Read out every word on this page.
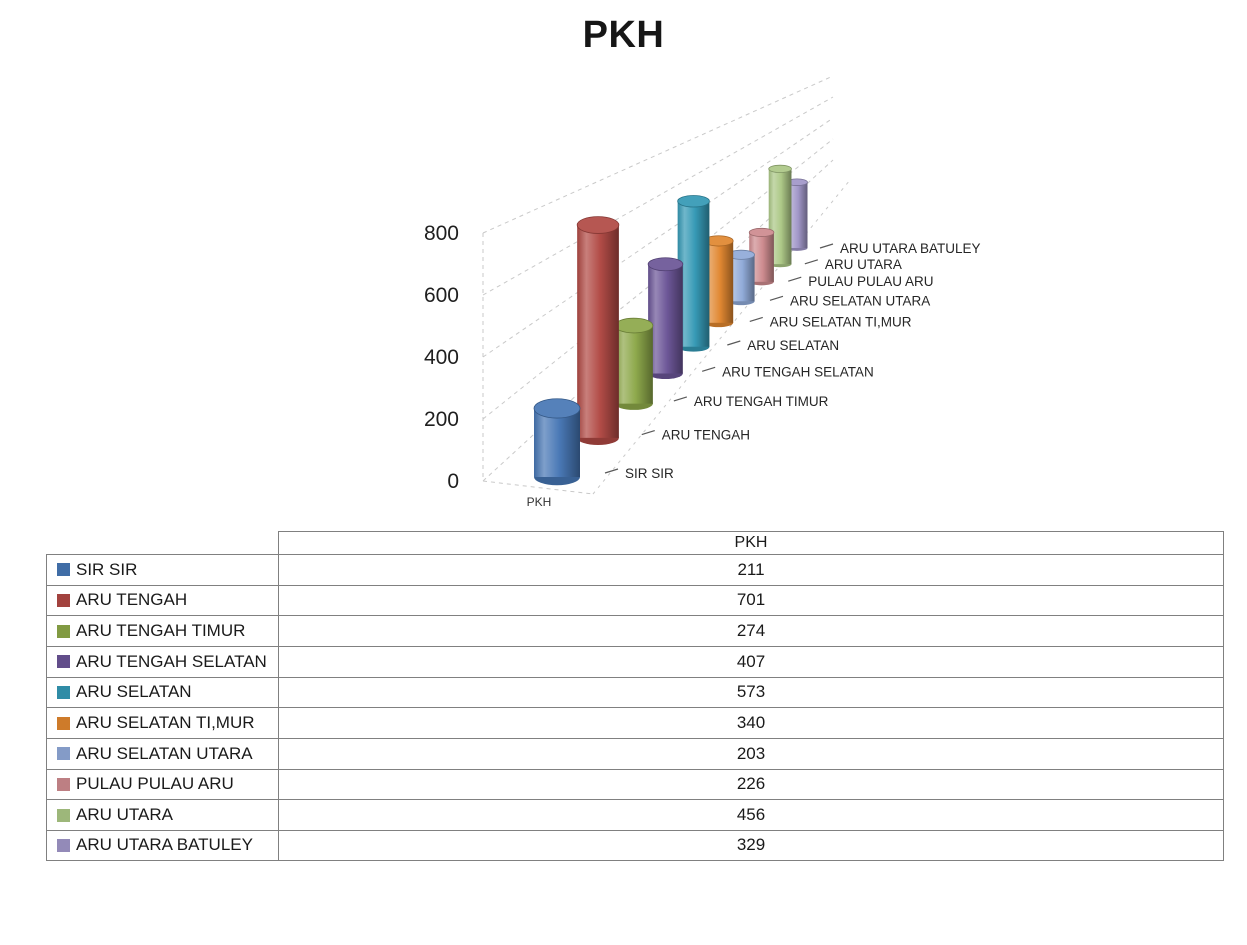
PKH
0
200
400
600
800
SIR SIR
ARU TENGAH
ARU TENGAH TIMUR
ARU TENGAH SELATAN
ARU SELATAN
ARU SELATAN TI,MUR
ARU SELATAN UTARA
PULAU PULAU ARU
ARU UTARA
ARU UTARA BATULEY
PKH
PKH
SIR SIR	211
ARU TENGAH	701
ARU TENGAH TIMUR	274
ARU TENGAH SELATAN	407
ARU SELATAN	573
ARU SELATAN TI,MUR	340
ARU SELATAN UTARA	203
PULAU PULAU ARU	226
ARU UTARA	456
ARU UTARA BATULEY	329
